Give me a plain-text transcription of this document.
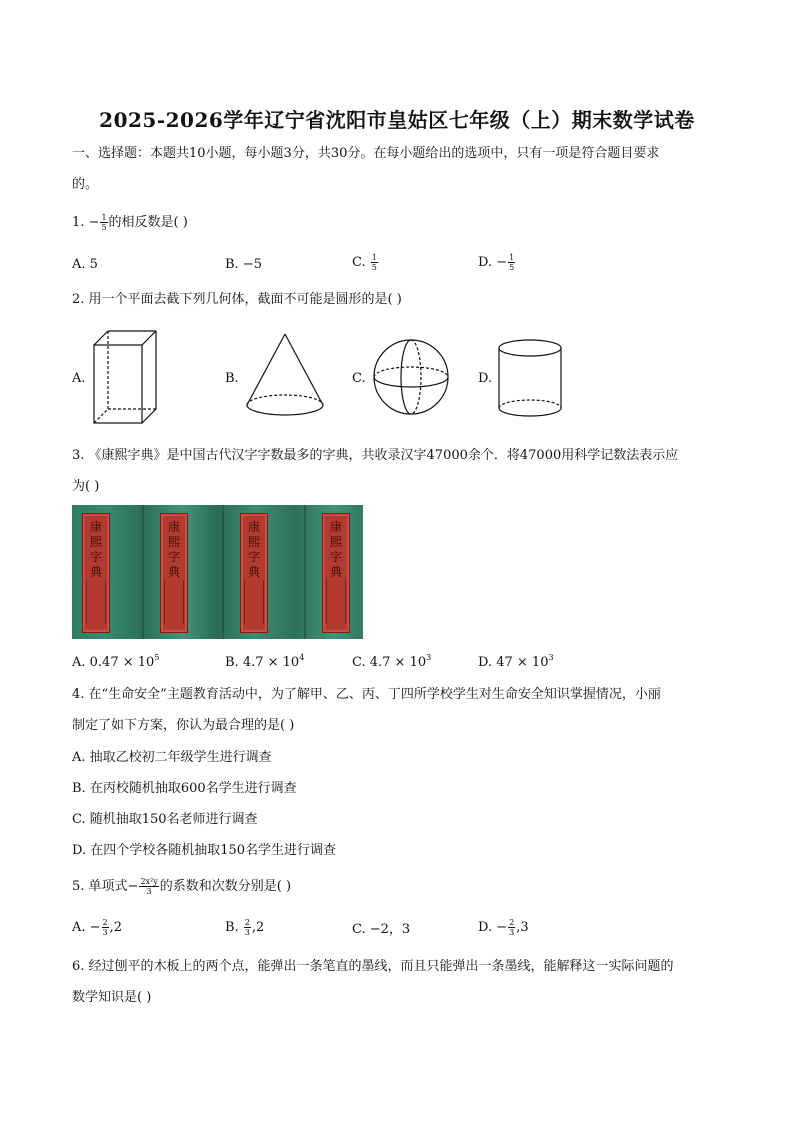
2025-2026学年辽宁省沈阳市皇姑区七年级（上）期末数学试卷
一、选择题：本题共10小题，每小题3分，共30分。在每小题给出的选项中，只有一项是符合题目要求
的。
1. − $\frac{1}{5}$ 的相反数是( )
A. 5	B. −5	C. $\frac{1}{5}$	D. − $\frac{1}{5}$
2. 用一个平面去截下列几何体，截面不可能是圆形的是( )
A.	B.	C.	D.
3. 《康熙字典》是中国古代汉字字数最多的字典，共收录汉字47000余个．将47000用科学记数法表示应
为( )
康熙字典
康熙字典
康熙字典
康熙字典
A. $0.47 \times 10^5$	B. $4.7 \times 10^4$	C. $4.7 \times 10^3$	D. $47 \times 10^3$
4. 在“生命安全”主题教育活动中，为了解甲、乙、丙、丁四所学校学生对生命安全知识掌握情况，小丽
制定了如下方案，你认为最合理的是( )
A. 抽取乙校初二年级学生进行调查
B. 在丙校随机抽取600名学生进行调查
C. 随机抽取150名老师进行调查
D. 在四个学校各随机抽取150名学生进行调查
5. 单项式− $\frac{\text{2x²y}}{3}$ 的系数和次数分别是( )
A. − $\frac{2}{3} ,2$	B. $\frac{2}{3} ,2$	C. −2，3	D. − $\frac{2}{3} ,3$
6. 经过刨平的木板上的两个点，能弹出一条笔直的墨线，而且只能弹出一条墨线，能解释这一实际问题的
数学知识是( )
